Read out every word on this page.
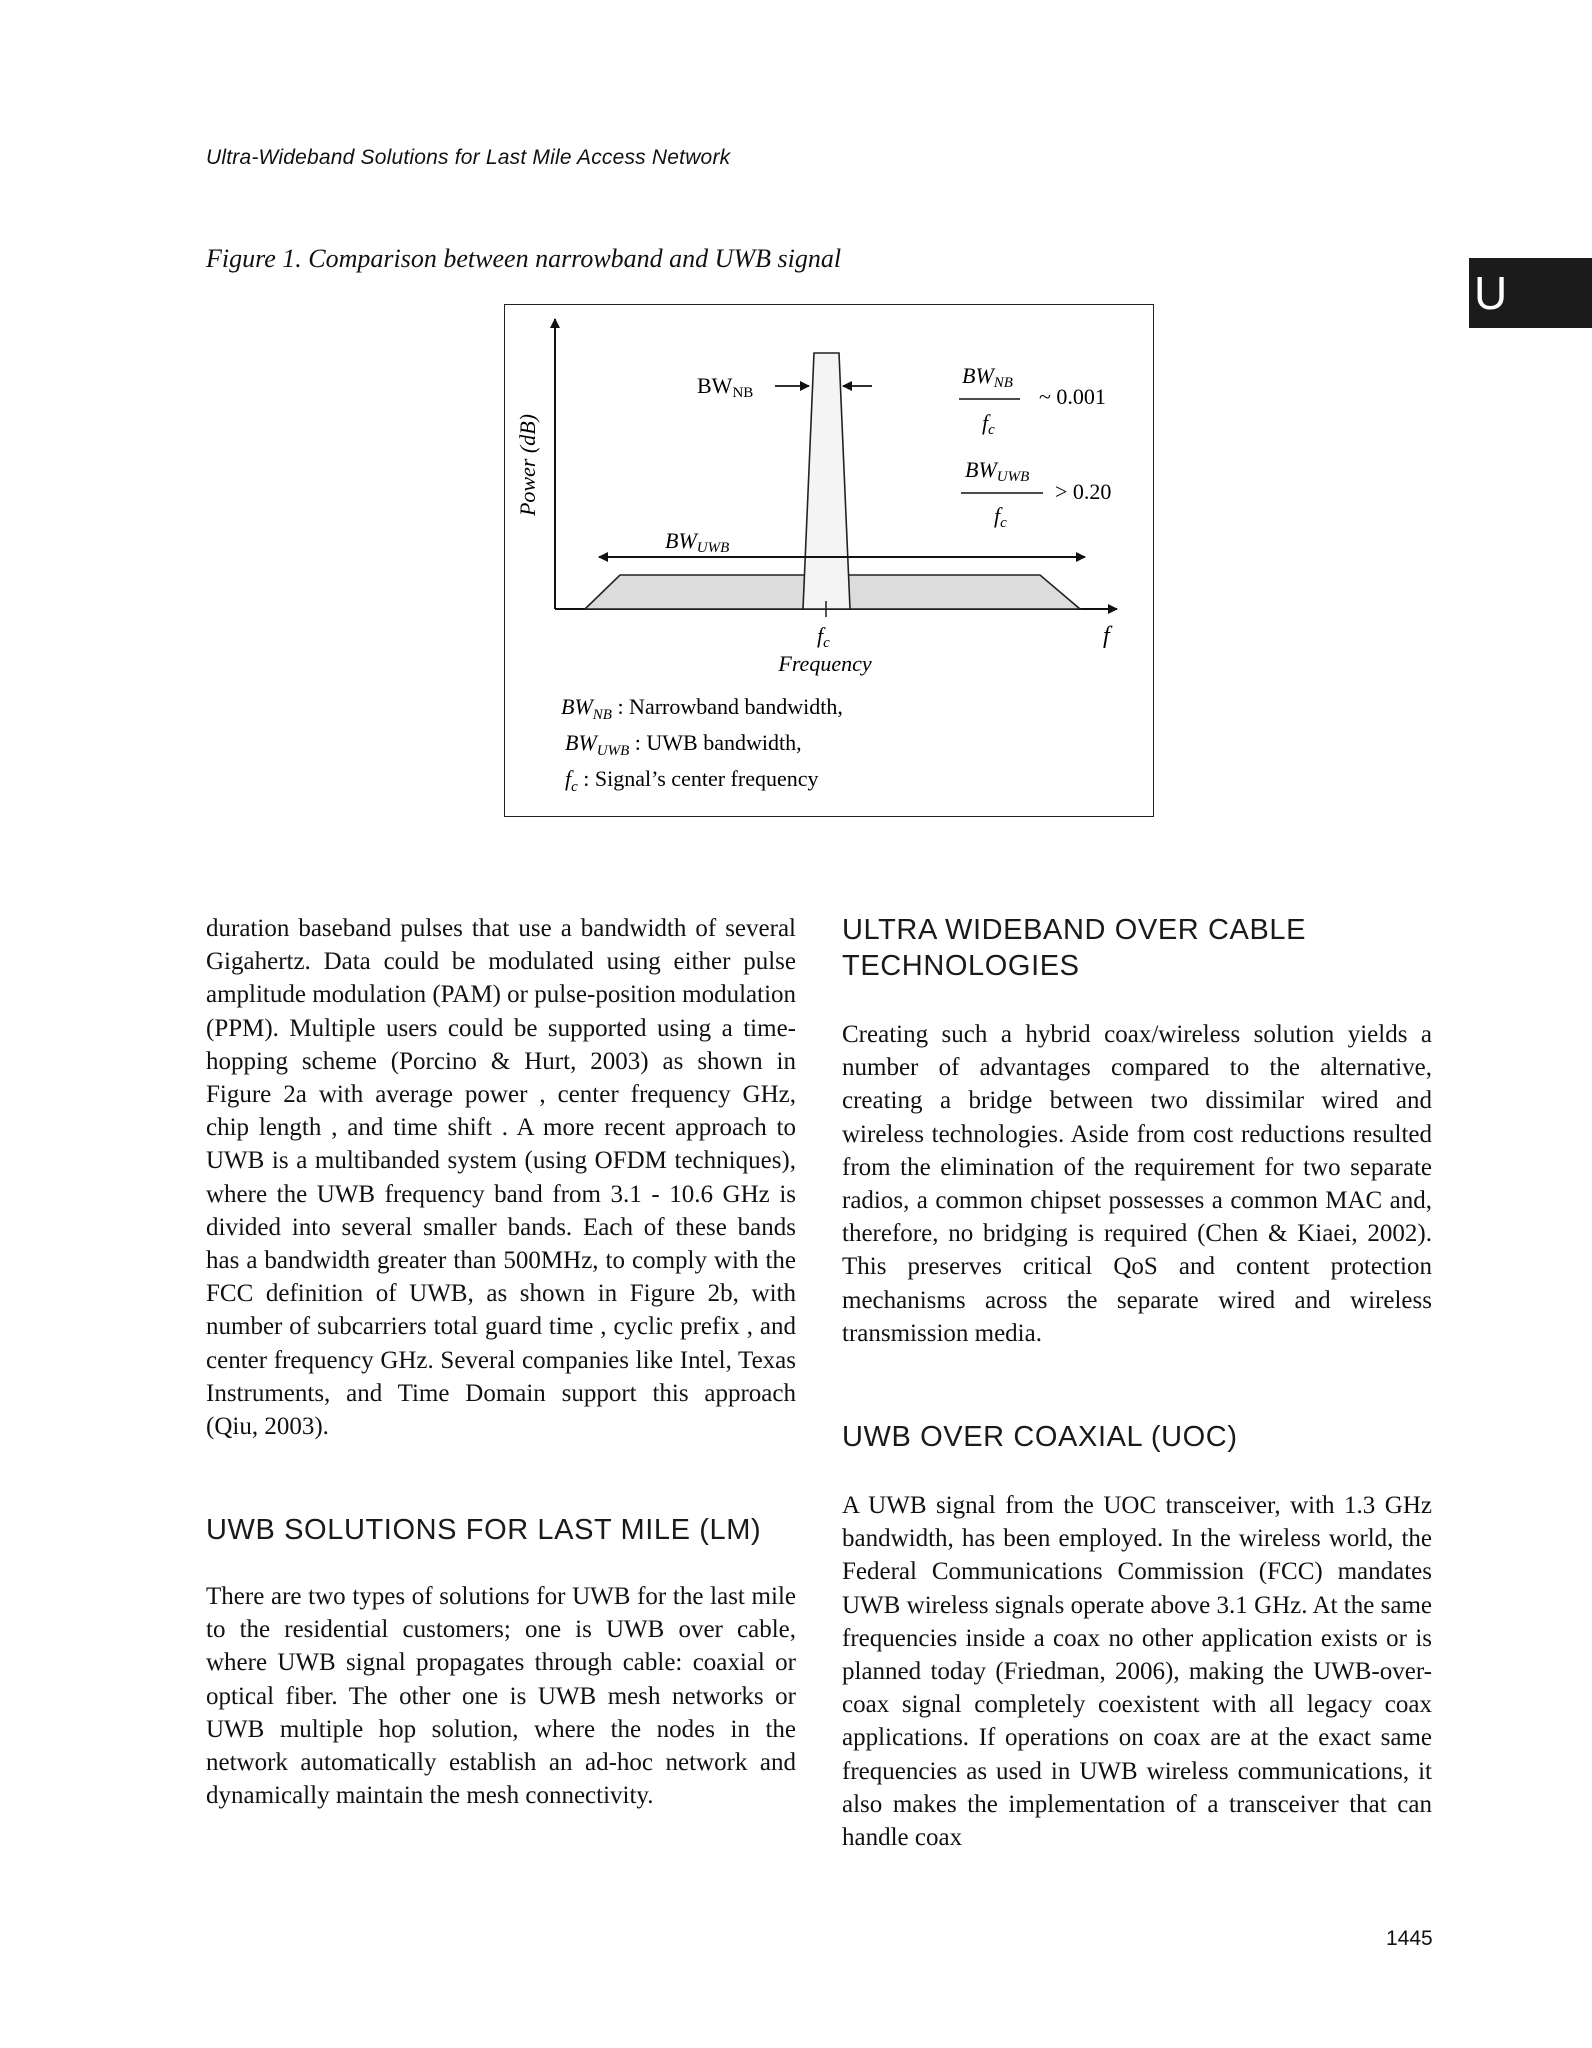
Ultra-Wideband Solutions for Last Mile Access Network
U
Figure 1. Comparison between narrowband and UWB signal
Power (dB)
BWNB
BWUWB
BWNB
fc
~ 0.001
BWUWB
fc
> 0.20
fc	f
Frequency
$BW_{NB}$ : Narrowband bandwidth,
$BW_{UWB}$ : UWB bandwidth,
$f_c$ : Signal’s center frequency

duration baseband pulses that use a bandwidth of several Gigahertz. Data could be modulated using either pulse amplitude modulation (PAM) or pulse-position modulation (PPM). Multiple users could be supported using a time-hopping scheme (Porcino & Hurt, 2003) as shown in Figure 2a with average power , center frequency GHz, chip length , and time shift . A more recent approach to UWB is a multibanded system (using OFDM techniques), where the UWB frequency band from 3.1 - 10.6 GHz is divided into several smaller bands. Each of these bands has a bandwidth greater than 500MHz, to comply with the FCC definition of UWB, as shown in Figure 2b, with number of subcarriers total guard time , cyclic prefix , and center frequency GHz. Several companies like Intel, Texas Instruments, and Time Domain support this approach (Qiu, 2003).

UWB SOLUTIONS FOR LAST MILE (LM)

There are two types of solutions for UWB for the last mile to the residential customers; one is UWB over cable, where UWB signal propagates through cable: coaxial or optical fiber. The other one is UWB mesh networks or UWB multiple hop solution, where the nodes in the network automatically establish an ad-hoc network and dynamically maintain the mesh connectivity.

ULTRA WIDEBAND OVER CABLE
TECHNOLOGIES

Creating such a hybrid coax/wireless solution yields a number of advantages compared to the alternative, creating a bridge between two dissimilar wired and wireless technologies. Aside from cost reductions resulted from the elimination of the requirement for two separate radios, a common chipset possesses a common MAC and, therefore, no bridging is required (Chen & Kiaei, 2002). This preserves critical QoS and content protection mechanisms across the separate wired and wireless transmission media.

UWB OVER COAXIAL (UOC)

A UWB signal from the UOC transceiver, with 1.3 GHz bandwidth, has been employed. In the wireless world, the Federal Communications Commission (FCC) mandates UWB wireless signals operate above 3.1 GHz. At the same frequencies inside a coax no other application exists or is planned today (Friedman, 2006), making the UWB-over-coax signal completely coexistent with all legacy coax applications. If operations on coax are at the exact same frequencies as used in UWB wireless communications, it also makes the implementation of a transceiver that can handle coax

1445
